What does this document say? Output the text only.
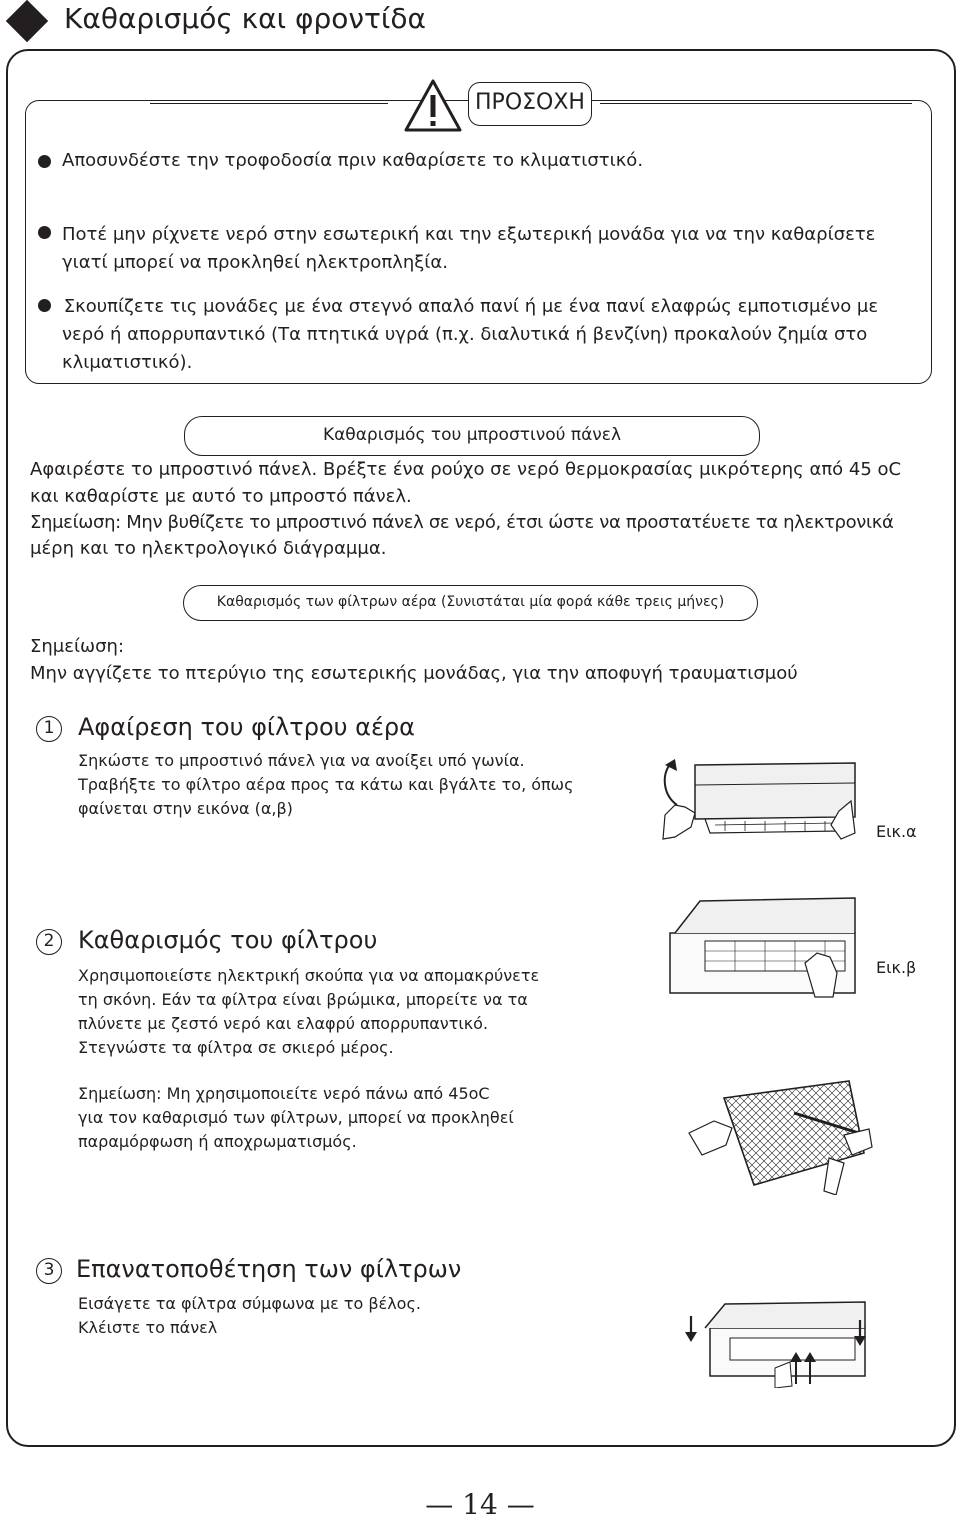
Καθαρισμός και φροντίδα
ΠΡΟΣΟΧΗ
Αποσυνδέστε την τροφοδοσία πριν καθαρίσετε το κλιματιστικό.
Ποτέ μην ρίχνετε νερό στην εσωτερική και την εξωτερική μονάδα για να την καθαρίσετε
γιατί μπορεί να προκληθεί ηλεκτροπληξία.
Σκουπίζετε τις μονάδες με ένα στεγνό απαλό πανί ή με ένα πανί ελαφρώς εμποτισμένο με
νερό ή απορρυπαντικό (Τα πτητικά υγρά (π.χ. διαλυτικά ή βενζίνη) προκαλούν ζημία στο
κλιματιστικό).
Καθαρισμός του μπροστινού πάνελ
Αφαιρέστε το μπροστινό πάνελ. Βρέξτε ένα ρούχο σε νερό θερμοκρασίας μικρότερης από 45 oC
και καθαρίστε με αυτό το μπροστό πάνελ.
Σημείωση: Μην βυθίζετε το μπροστινό πάνελ σε νερό, έτσι ώστε να προστατέυετε τα ηλεκτρονικά
μέρη και το ηλεκτρολογικό διάγραμμα.
Καθαρισμός των φίλτρων αέρα (Συνιστάται μία φορά κάθε τρεις μήνες)
Σημείωση:
Μην αγγίζετε το πτερύγιο της εσωτερικής μονάδας, για την αποφυγή τραυματισμού
1 Αφαίρεση του φίλτρου αέρα
Σηκώστε το μπροστινό πάνελ για να ανοίξει υπό γωνία.
Τραβήξτε το φίλτρο αέρα προς τα κάτω και βγάλτε το, όπως
φαίνεται στην εικόνα (α,β)
Εικ.α
2 Καθαρισμός του φίλτρου
Χρησιμοποιείστε ηλεκτρική σκούπα για να απομακρύνετε
τη σκόνη. Εάν τα φίλτρα είναι βρώμικα, μπορείτε να τα
πλύνετε με ζεστό νερό και ελαφρύ απορρυπαντικό.
Στεγνώστε τα φίλτρα σε σκιερό μέρος.
Σημείωση: Μη χρησιμοποιείτε νερό πάνω από 45oC
για τον καθαρισμό των φίλτρων, μπορεί να προκληθεί
παραμόρφωση ή αποχρωματισμός.
Εικ.β
3 Επανατοποθέτηση των φίλτρων
Εισάγετε τα φίλτρα σύμφωνα με το βέλος.
Κλέιστε το πάνελ
— 14 —
